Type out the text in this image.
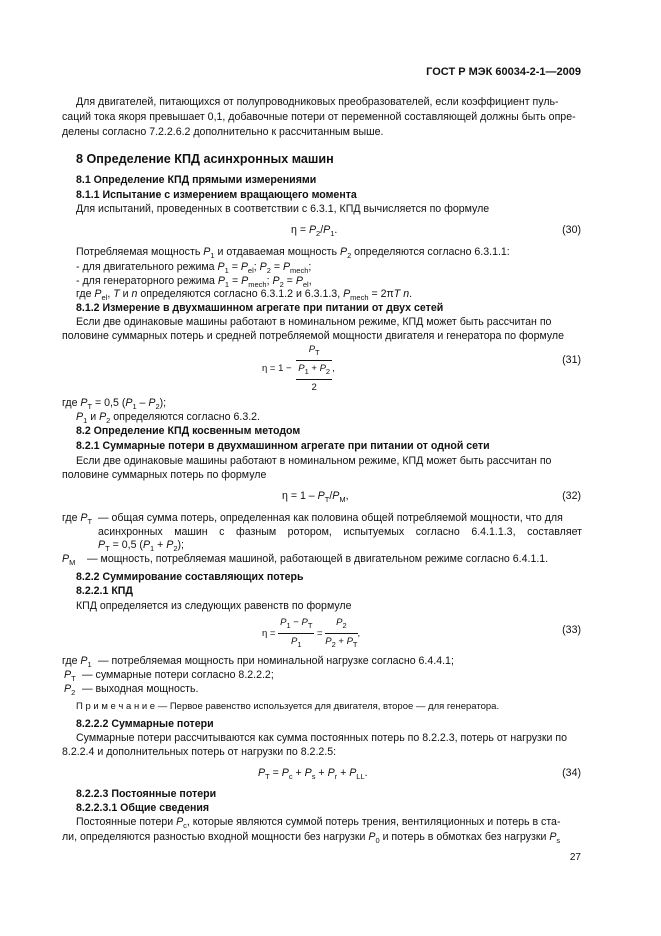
ГОСТ Р МЭК 60034-2-1—2009
Для двигателей, питающихся от полупроводниковых преобразователей, если коэффициент пуль-
саций тока якоря превышает 0,1, добавочные потери от переменной составляющей должны быть опре-
делены согласно 7.2.2.6.2 дополнительно к рассчитанным выше.
8 Определение КПД асинхронных машин
8.1 Определение КПД прямыми измерениями
8.1.1 Испытание с измерением вращающего момента
Для испытаний, проведенных в соответствии с 6.3.1, КПД вычисляется по формуле
$\eta = P_2/P_1$.	(30)
Потребляемая мощность $P_1$ и отдаваемая мощность $P_2$ определяются согласно 6.3.1.1:
- для двигательного режима $P_1 = P_{el}$; $P_2 = P_{mech}$;
- для генераторного режима $P_1 = P_{mech}$; $P_2 = P_{el}$,
где $P_{el}$, T и n определяются согласно 6.3.1.2 и 6.3.1.3, $P_{mech} = 2\pi T$ n.
8.1.2 Измерение в двухмашинном агрегате при питании от двух сетей
Если две одинаковые машины работают в номинальном режиме, КПД может быть рассчитан по
половине суммарных потерь и средней потребляемой мощности двигателя и генератора по формуле
$\eta = 1 - \frac{P_T}{\frac{P_1 + P_2}{2}}$ ,
(31)
где $P_T = 0,5$ $(P_1 - P_2)$;
$P_1$ и $P_2$ определяются согласно 6.3.2.
8.2 Определение КПД косвенным методом
8.2.1 Суммарные потери в двухмашинном агрегате при питании от одной сети
Если две одинаковые машины работают в номинальном режиме, КПД может быть рассчитан по
половине суммарных потерь по формуле
$\eta = 1 - P_T/P_M$,	(32)
где $P_T$ — общая сумма потерь, определенная как половина общей потребляемой мощности, что для
асинхронных машин с фазным ротором, испытуемых согласно 6.4.1.1.3, составляет
$P_T = 0,5$ $(P_1 + P_2)$;
$P_M$ — мощность, потребляемая машиной, работающей в двигательном режиме согласно 6.4.1.1.
8.2.2 Суммирование составляющих потерь
8.2.2.1 КПД
КПД определяется из следующих равенств по формуле
$\eta = \frac{P_1 - P_T}{P_1} = \frac{P_2}{P_2 + P_T}$ ,	(33)
где $P_1$ — потребляемая мощность при номинальной нагрузке согласно 6.4.4.1;
$P_T$ — суммарные потери согласно 8.2.2.2;
$P_2$ — выходная мощность.
П р и м е ч а н и е — Первое равенство используется для двигателя, второе — для генератора.
8.2.2.2 Суммарные потери
Суммарные потери рассчитываются как сумма постоянных потерь по 8.2.2.3, потерь от нагрузки по
8.2.2.4 и дополнительных потерь от нагрузки по 8.2.2.5:
$P_T = P_c + P_s + P_r + P_{LL}$.	(34)
8.2.2.3 Постоянные потери
8.2.2.3.1 Общие сведения
Постоянные потери $P_c$, которые являются суммой потерь трения, вентиляционных и потерь в ста-
ли, определяются разностью входной мощности без нагрузки $P_0$ и потерь в обмотках без нагрузки $P_s$
27
